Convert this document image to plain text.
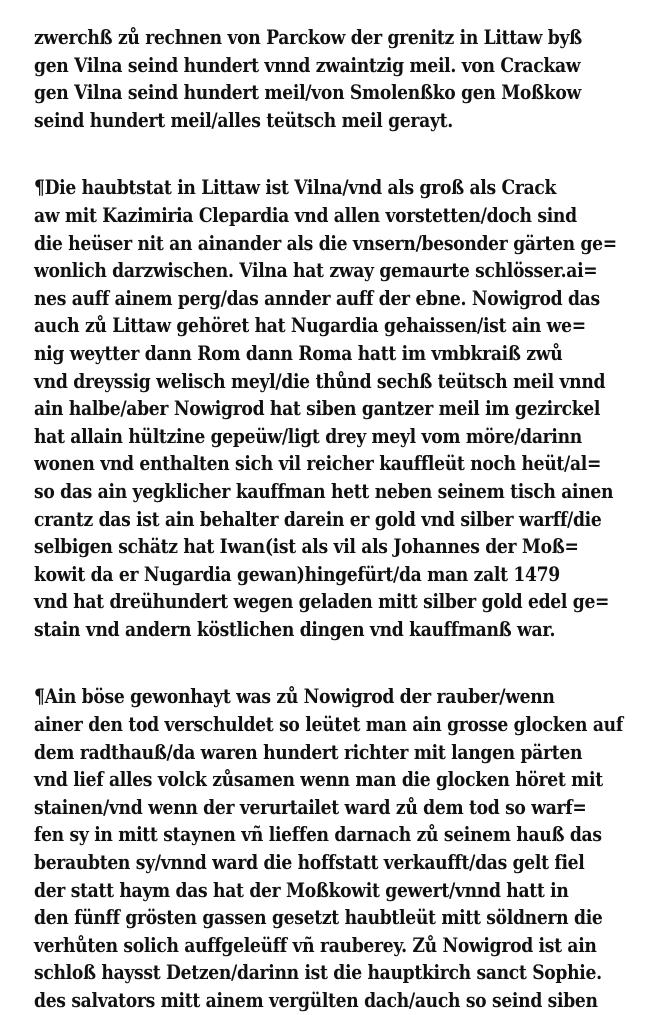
zwerchß zů rechnen von Parckow der grenitz in Littaw byß
gen Vilna seind hundert vnnd zwaintzig meil. von Crackaw
gen Vilna seind hundert meil/von Smolenßko gen Moßkow
seind hundert meil/alles teütsch meil gerayt.
¶Die haubtstat in Littaw ist Vilna/vnd als groß als Crack
aw mit Kazimiria Clepardia vnd allen vorstetten/doch sind
die heüser nit an ainander als die vnsern/besonder gärten ge=
wonlich darzwischen. Vilna hat zway gemaurte schlösser.ai=
nes auff ainem perg/das annder auff der ebne. Nowigrod das
auch zů Littaw gehöret hat Nugardia gehaissen/ist ain we=
nig weytter dann Rom dann Roma hatt im vmbkraiß zwů
vnd dreyssig welisch meyl/die thůnd sechß teütsch meil vnnd
ain halbe/aber Nowigrod hat siben gantzer meil im gezirckel
hat allain hültzine gepeüw/ligt drey meyl vom möre/darinn
wonen vnd enthalten sich vil reicher kauffleüt noch heüt/al=
so das ain yegklicher kauffman hett neben seinem tisch ainen
crantz das ist ain behalter darein er gold vnd silber warff/die
selbigen schätz hat Iwan(ist als vil als Johannes der Moß=
kowit da er Nugardia gewan)hingefürt/da man zalt 1479
vnd hat dreühundert wegen geladen mitt silber gold edel ge=
stain vnd andern köstlichen dingen vnd kauffmanß war.
¶Ain böse gewonhayt was zů Nowigrod der rauber/wenn
ainer den tod verschuldet so leütet man ain grosse glocken auf
dem radthauß/da waren hundert richter mit langen pärten
vnd lief alles volck zůsamen wenn man die glocken höret mit
stainen/vnd wenn der verurtailet ward zů dem tod so warf=
fen sy in mitt staynen vñ lieffen darnach zů seinem hauß das
beraubten sy/vnnd ward die hoffstatt verkaufft/das gelt fiel
der statt haym das hat der Moßkowit gewert/vnnd hatt in
den fünff grösten gassen gesetzt haubtleüt mitt söldnern die
verhůten solich auffgeleüff vñ rauberey. Zů Nowigrod ist ain
schloß haysst Detzen/darinn ist die hauptkirch sanct Sophie.
des salvators mitt ainem vergülten dach/auch so seind siben
